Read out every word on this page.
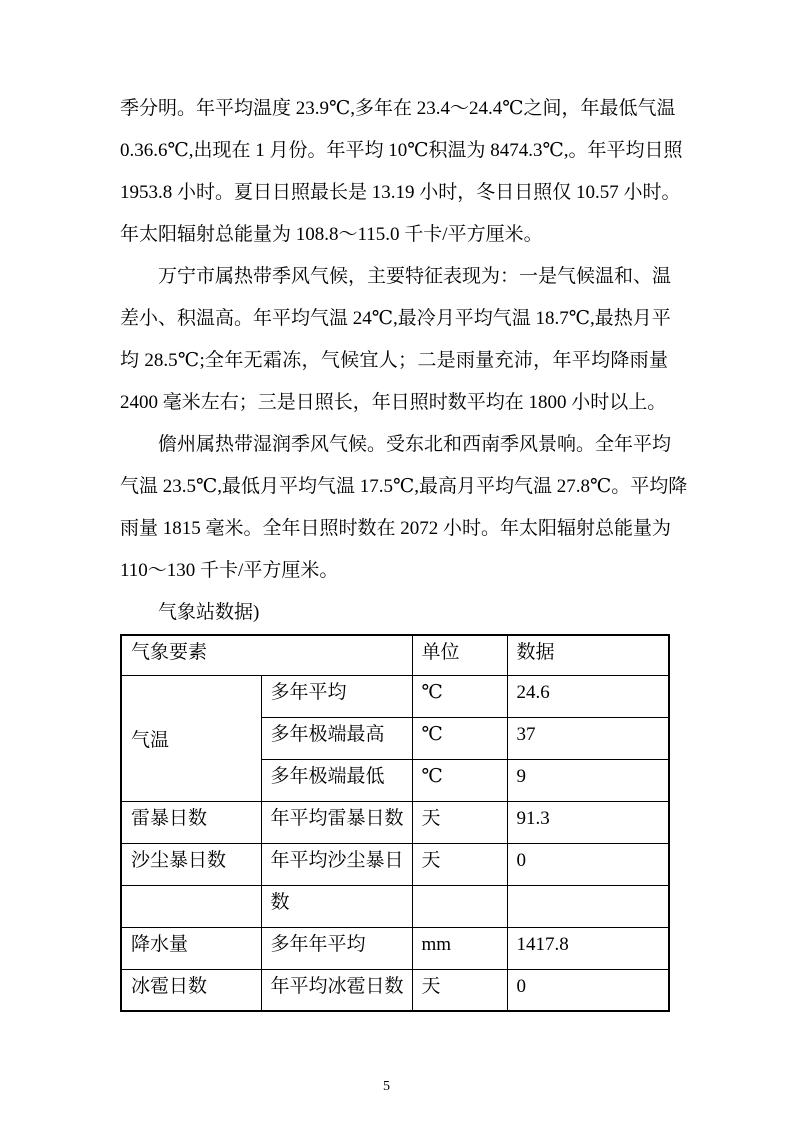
季分明。年平均温度 23.9℃,多年在 23.4～24.4℃之间，年最低气温
0.36.6℃,出现在 1 月份。年平均 10℃积温为 8474.3℃,。年平均日照
1953.8 小时。夏日日照最长是 13.19 小时，冬日日照仅 10.57 小时。
年太阳辐射总能量为 108.8～115.0 千卡/平方厘米。
万宁市属热带季风气候，主要特征表现为：一是气候温和、温
差小、积温高。年平均气温 24℃,最冷月平均气温 18.7℃,最热月平
均 28.5℃;全年无霜冻，气候宜人；二是雨量充沛，年平均降雨量
2400 毫米左右；三是日照长，年日照时数平均在 1800 小时以上。
儋州属热带湿润季风气候。受东北和西南季风景响。全年平均
气温 23.5℃,最低月平均气温 17.5℃,最高月平均气温 27.8℃。平均降
雨量 1815 毫米。全年日照时数在 2072 小时。年太阳辐射总能量为
110～130 千卡/平方厘米。
气象站数据)
气象要素		单位	数据
气温	多年平均	℃	24.6
	多年极端最高	℃	37
	多年极端最低	℃	9
雷暴日数	年平均雷暴日数	天	91.3
沙尘暴日数	年平均沙尘暴日	天	0
	数		
降水量	多年年平均	mm	1417.8
冰雹日数	年平均冰雹日数	天	0
5
